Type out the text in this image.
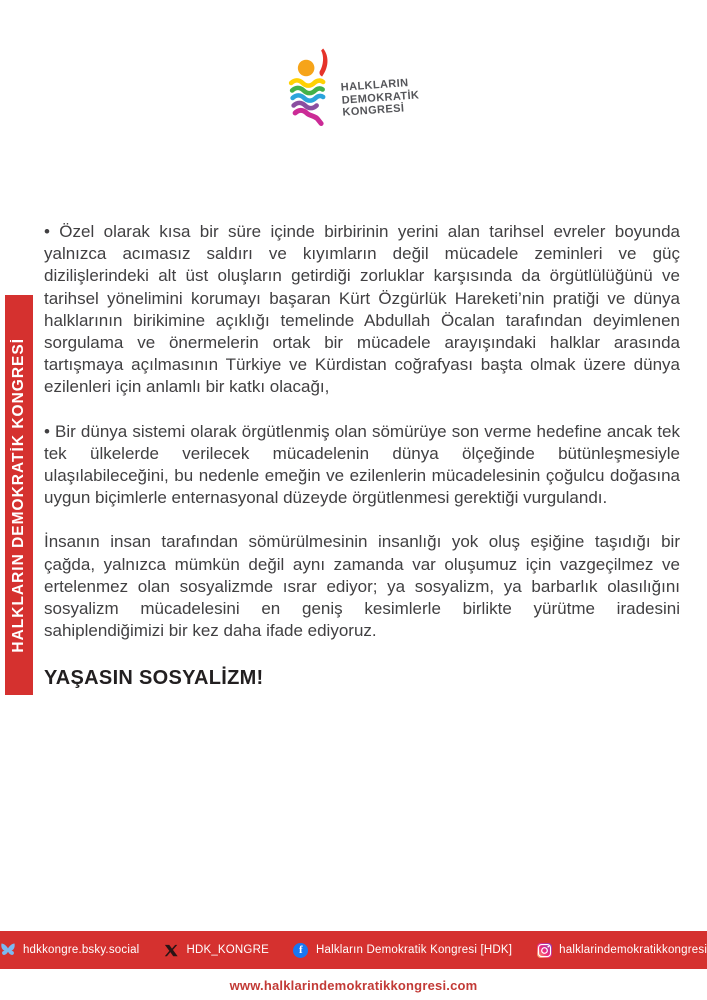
HALKLARIN
DEMOKRATİK
KONGRESİ
HALKLARIN DEMOKRATİK KONGRESİ

• Özel olarak kısa bir süre içinde birbirinin yerini alan tarihsel evreler boyunda yalnızca acımasız saldırı ve kıyımların değil mücadele zeminleri ve güç dizilişlerindeki alt üst oluşların getirdiği zorluklar karşısında da örgütlülüğünü ve tarihsel yönelimini korumayı başaran Kürt Özgürlük Hareketi’nin pratiği ve dünya halklarının birikimine açıklığı temelinde Abdullah Öcalan tarafından deyimlenen sorgulama ve önermelerin ortak bir mücadele arayışındaki halklar arasında tartışmaya açılmasının Türkiye ve Kürdistan coğrafyası başta olmak üzere dünya ezilenleri için anlamlı bir katkı olacağı,

• Bir dünya sistemi olarak örgütlenmiş olan sömürüye son verme hedefine ancak tek tek ülkelerde verilecek mücadelenin dünya ölçeğinde bütünleşmesiyle ulaşılabileceğini, bu nedenle emeğin ve ezilenlerin mücadelesinin çoğulcu doğasına uygun biçimlerle enternasyonal düzeyde örgütlenmesi gerektiği vurgulandı.

İnsanın insan tarafından sömürülmesinin insanlığı yok oluş eşiğine taşıdığı bir çağda, yalnızca mümkün değil aynı zamanda var oluşumuz için vazgeçilmez ve ertelenmez olan sosyalizmde ısrar ediyor; ya sosyalizm, ya barbarlık olasılığını sosyalizm mücadelesini en geniş kesimlerle birlikte yürütme iradesini sahiplendiğimizi bir kez daha ifade ediyoruz.

YAŞASIN SOSYALİZM!
hdkkongre.bsky.social	HDK_KONGRE	f	Halkların Demokratik Kongresi [HDK]	halklarindemokratikkongresi
www.halklarindemokratikkongresi.com
